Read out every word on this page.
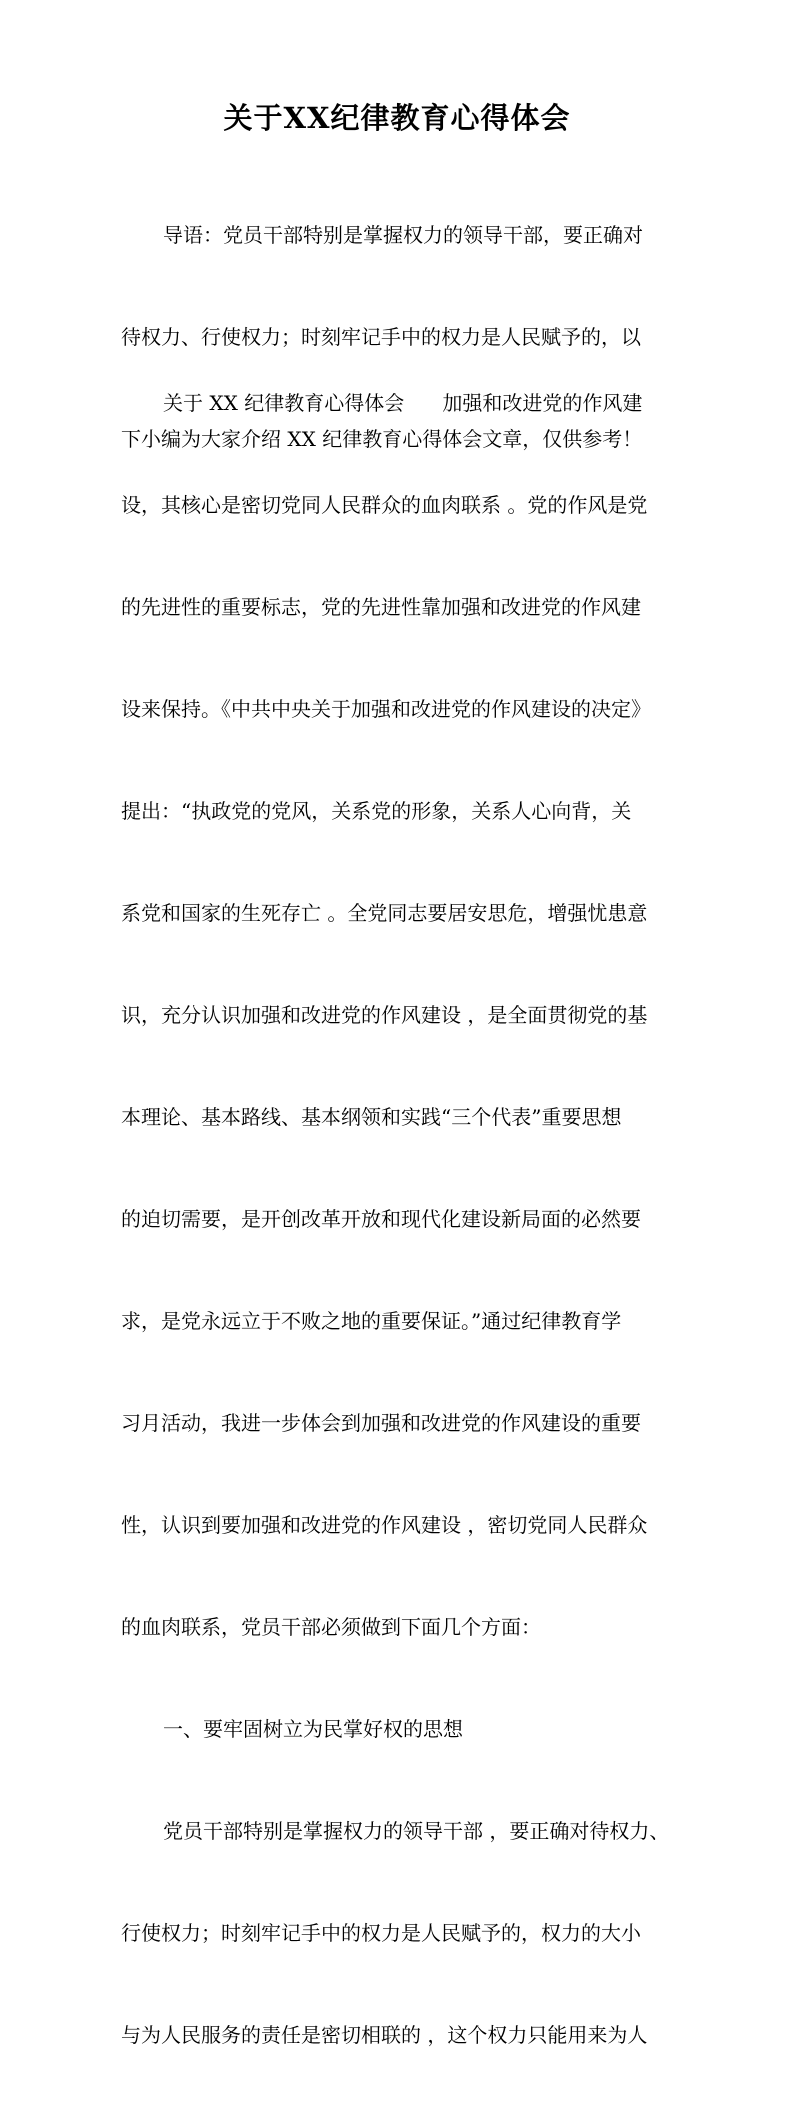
关于XX纪律教育心得体会

导语：党员干部特别是掌握权力的领导干部，要正确对

待权力、行使权力；时刻牢记手中的权力是人民赋予的，以

下小编为大家介绍 XX 纪律教育心得体会文章，仅供参考！

关于 XX 纪律教育心得体会      加强和改进党的作风建

设，其核心是密切党同人民群众的血肉联系 。党的作风是党

的先进性的重要标志，党的先进性靠加强和改进党的作风建

设来保持。《中共中央关于加强和改进党的作风建设的决定》

提出：“执政党的党风，关系党的形象，关系人心向背，关

系党和国家的生死存亡 。全党同志要居安思危，增强忧患意

识，充分认识加强和改进党的作风建设 ，是全面贯彻党的基

本理论、基本路线、基本纲领和实践“三个代表”重要思想

的迫切需要，是开创改革开放和现代化建设新局面的必然要

求，是党永远立于不败之地的重要保证。”通过纪律教育学

习月活动，我进一步体会到加强和改进党的作风建设的重要

性，认识到要加强和改进党的作风建设 ，密切党同人民群众

的血肉联系，党员干部必须做到下面几个方面：

一、要牢固树立为民掌好权的思想

党员干部特别是掌握权力的领导干部 ，要正确对待权力、

行使权力；时刻牢记手中的权力是人民赋予的，权力的大小

与为人民服务的责任是密切相联的 ，这个权力只能用来为人
